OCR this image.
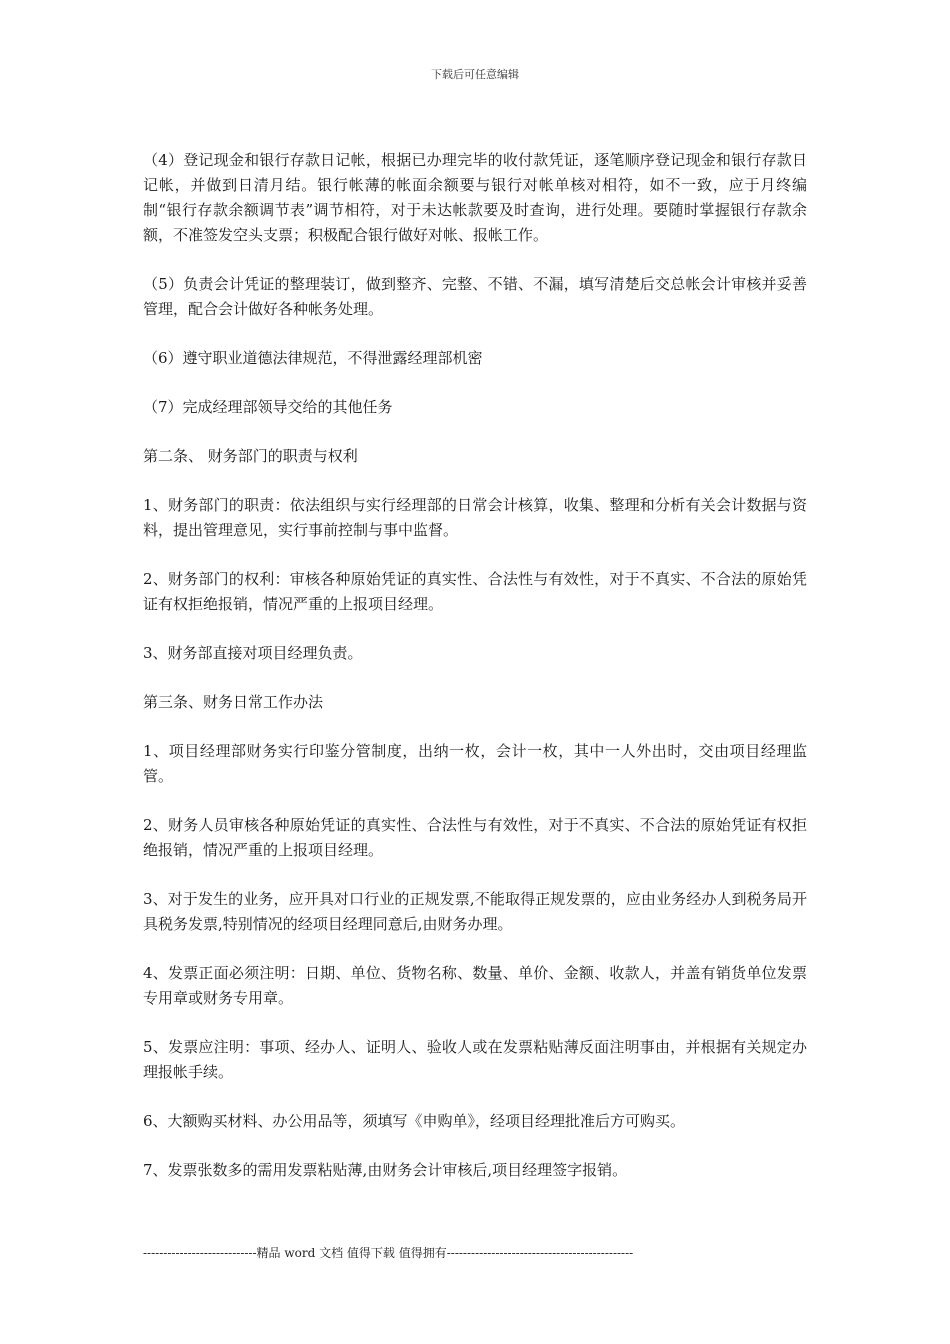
下载后可任意编辑

（4）登记现金和银行存款日记帐，根据已办理完毕的收付款凭证，逐笔顺序登记现金和银行存款日记帐，并做到日清月结。银行帐薄的帐面余额要与银行对帐单核对相符，如不一致，应于月终编制“银行存款余额调节表”调节相符，对于未达帐款要及时查询，进行处理。要随时掌握银行存款余额，不准签发空头支票；积极配合银行做好对帐、报帐工作。

（5）负责会计凭证的整理装订，做到整齐、完整、不错、不漏，填写清楚后交总帐会计审核并妥善管理，配合会计做好各种帐务处理。

（6）遵守职业道德法律规范，不得泄露经理部机密

（7）完成经理部领导交给的其他任务

第二条、 财务部门的职责与权利

1、财务部门的职责：依法组织与实行经理部的日常会计核算，收集、整理和分析有关会计数据与资料，提出管理意见，实行事前控制与事中监督。

2、财务部门的权利：审核各种原始凭证的真实性、合法性与有效性，对于不真实、不合法的原始凭证有权拒绝报销，情况严重的上报项目经理。

3、财务部直接对项目经理负责。

第三条、财务日常工作办法

1、项目经理部财务实行印鉴分管制度，出纳一枚，会计一枚，其中一人外出时，交由项目经理监管。

2、财务人员审核各种原始凭证的真实性、合法性与有效性，对于不真实、不合法的原始凭证有权拒绝报销，情况严重的上报项目经理。

3、对于发生的业务，应开具对口行业的正规发票,不能取得正规发票的，应由业务经办人到税务局开具税务发票,特别情况的经项目经理同意后,由财务办理。

4、发票正面必须注明：日期、单位、货物名称、数量、单价、金额、收款人，并盖有销货单位发票专用章或财务专用章。

5、发票应注明：事项、经办人、证明人、验收人或在发票粘贴薄反面注明事由，并根据有关规定办理报帐手续。

6、大额购买材料、办公用品等，须填写《申购单》，经项目经理批准后方可购买。

7、发票张数多的需用发票粘贴薄,由财务会计审核后,项目经理签字报销。

----------------------------精品 word 文档 值得下载 值得拥有----------------------------------------------
